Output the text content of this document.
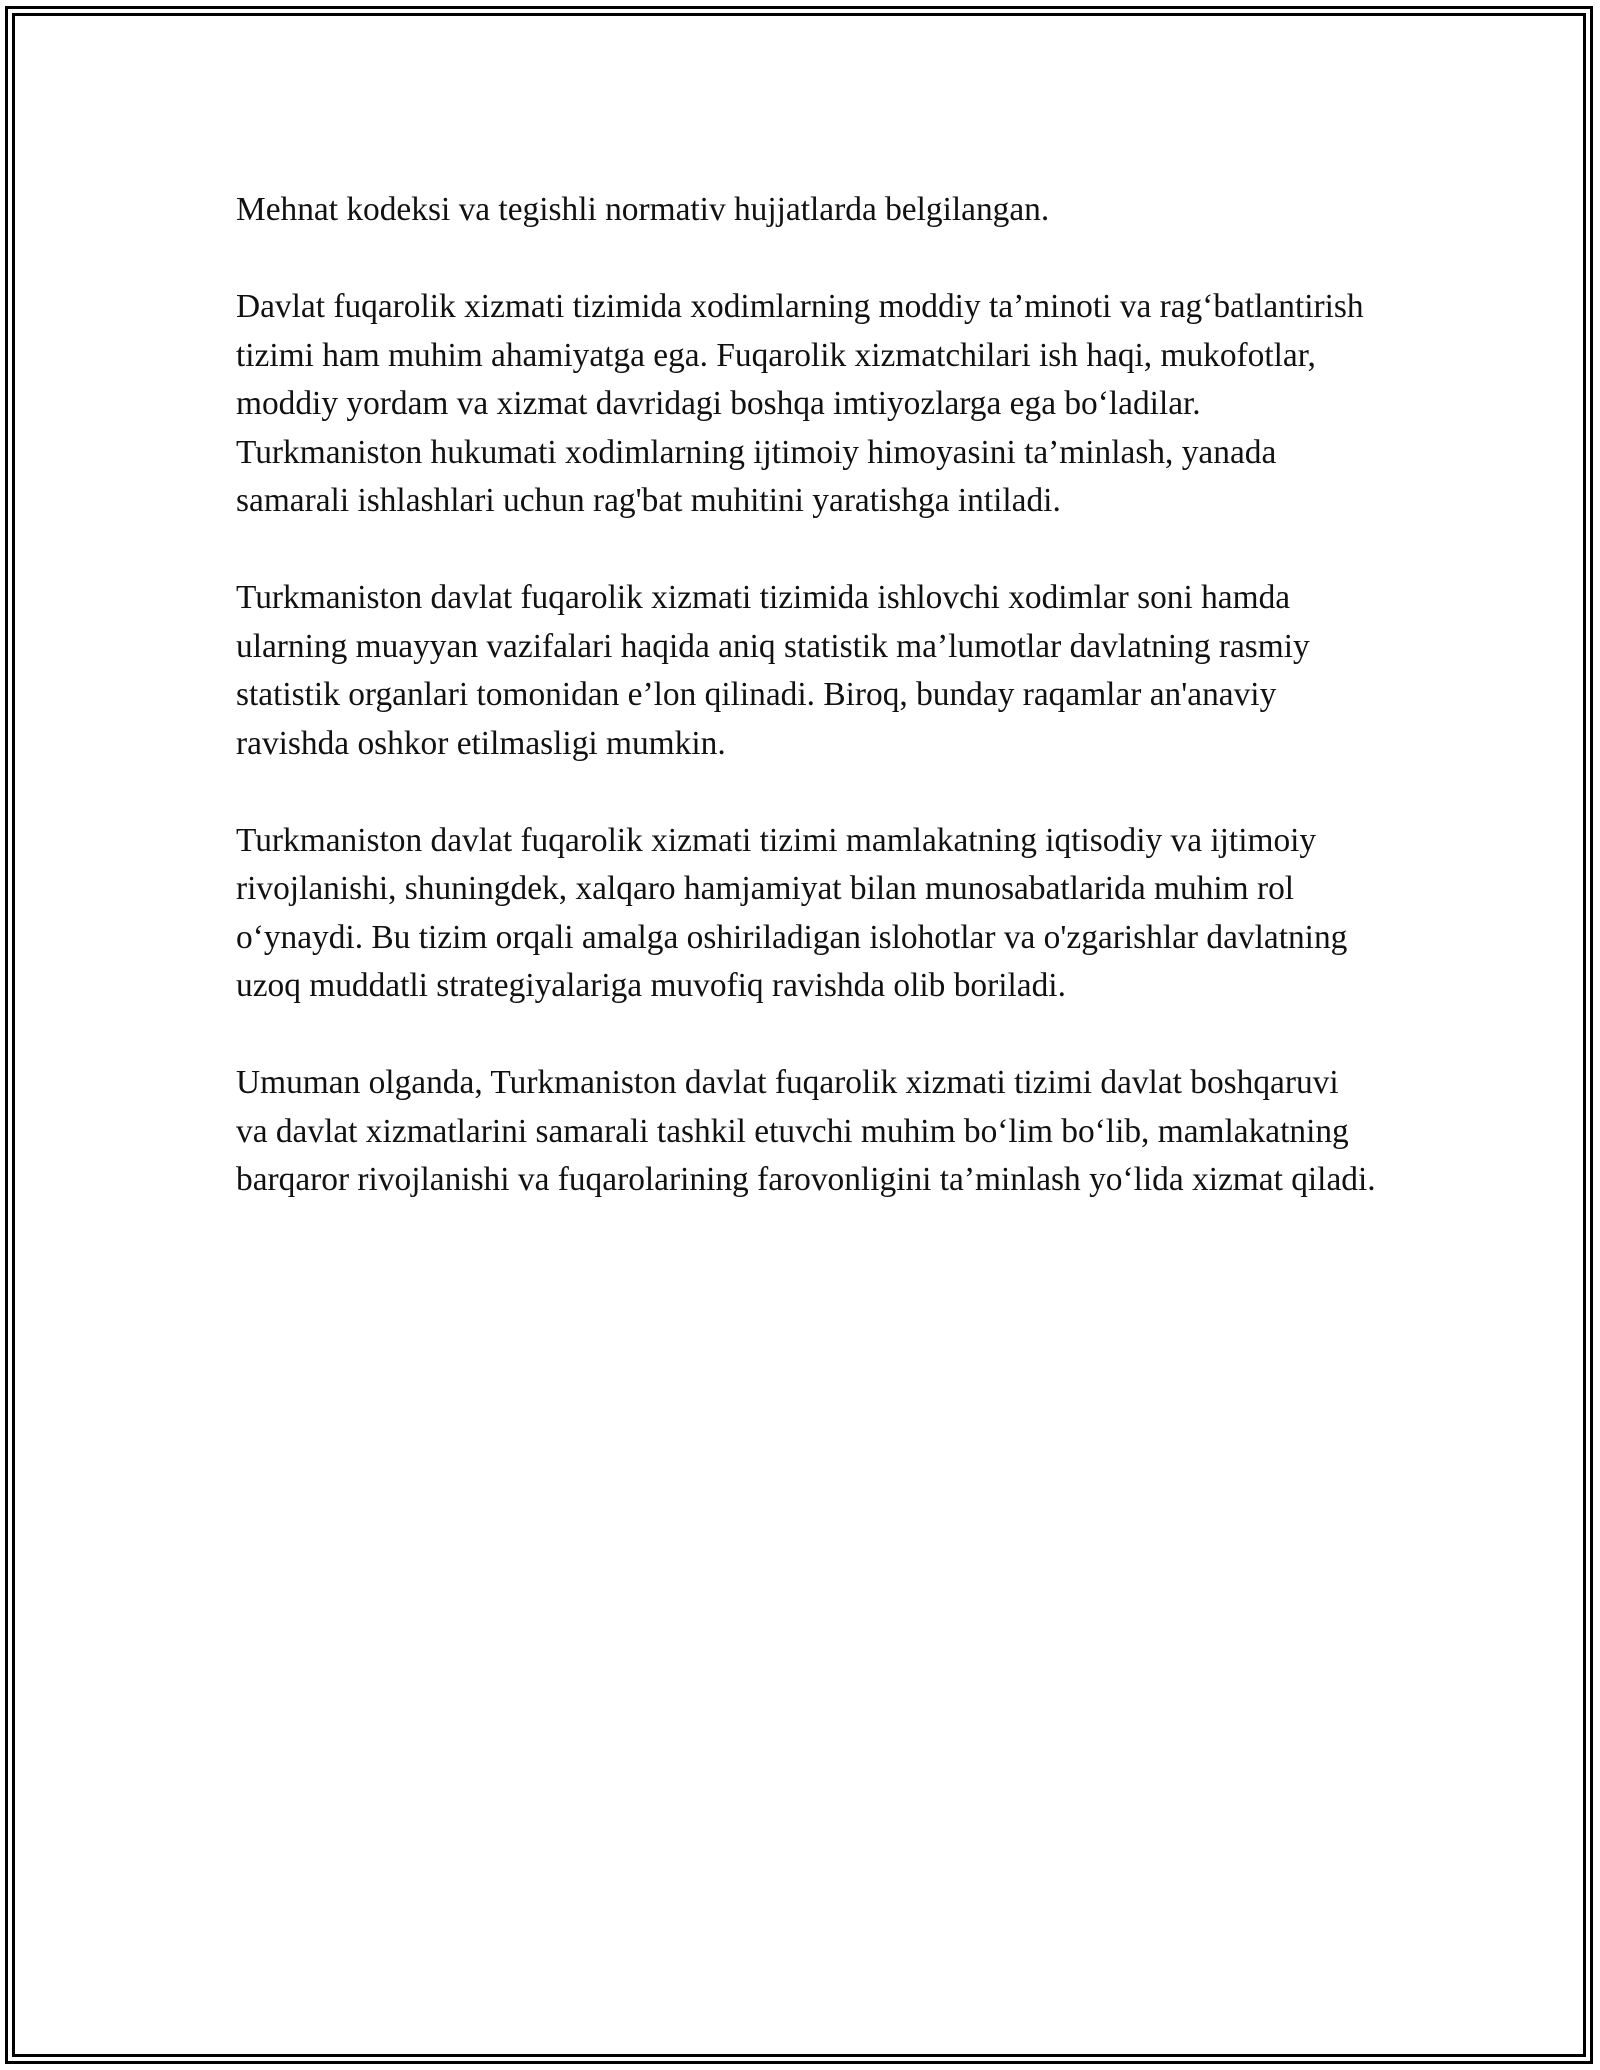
Mehnat kodeksi va tegishli normativ hujjatlarda belgilangan.

Davlat fuqarolik xizmati tizimida xodimlarning moddiy ta’minoti va rag‘batlantirish tizimi ham muhim ahamiyatga ega. Fuqarolik xizmatchilari ish haqi, mukofotlar, moddiy yordam va xizmat davridagi boshqa imtiyozlarga ega bo‘ladilar. Turkmaniston hukumati xodimlarning ijtimoiy himoyasini ta’minlash, yanada samarali ishlashlari uchun rag'bat muhitini yaratishga intiladi.

Turkmaniston davlat fuqarolik xizmati tizimida ishlovchi xodimlar soni hamda ularning muayyan vazifalari haqida aniq statistik ma’lumotlar davlatning rasmiy statistik organlari tomonidan e’lon qilinadi. Biroq, bunday raqamlar an'anaviy ravishda oshkor etilmasligi mumkin.

Turkmaniston davlat fuqarolik xizmati tizimi mamlakatning iqtisodiy va ijtimoiy rivojlanishi, shuningdek, xalqaro hamjamiyat bilan munosabatlarida muhim rol o‘ynaydi. Bu tizim orqali amalga oshiriladigan islohotlar va o'zgarishlar davlatning uzoq muddatli strategiyalariga muvofiq ravishda olib boriladi.

Umuman olganda, Turkmaniston davlat fuqarolik xizmati tizimi davlat boshqaruvi va davlat xizmatlarini samarali tashkil etuvchi muhim bo‘lim bo‘lib, mamlakatning barqaror rivojlanishi va fuqarolarining farovonligini ta’minlash yo‘lida xizmat qiladi.
